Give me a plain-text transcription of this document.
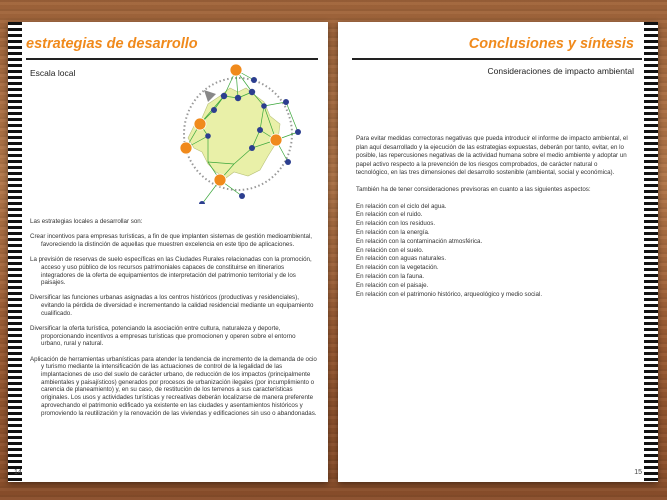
estrategias de desarrollo
Escala local

Las estrategias locales a desarrollar son:

Crear incentivos para empresas turísticas, a fin de que implanten sistemas de gestión medioambiental, favoreciendo la distinción de aquellas que muestren excelencia en este tipo de aplicaciones.

La previsión de reservas de suelo específicas en las Ciudades Rurales relacionadas con la promoción, acceso y uso público de los recursos patrimoniales capaces de constituirse en itinerarios integradores de la oferta de equipamientos de interpretación del patrimonio territorial y de los paisajes.

Diversificar las funciones urbanas asignadas a los centros históricos (productivas y residenciales), evitando la pérdida de diversidad e incrementando la calidad residencial mediante un equipamiento cualificado.

Diversificar la oferta turística, potenciando la asociación entre cultura, naturaleza y deporte, proporcionando incentivos a empresas turísticas que promocionen y operen sobre el entorno urbano, rural y natural.

Aplicación de herramientas urbanísticas para atender la tendencia de incremento de la demanda de ocio y turismo mediante la intensificación de las actuaciones de control de la legalidad de las implantaciones de uso del suelo de carácter urbano, de reducción de los impactos (principalmente ambientales y paisajísticos) generados por procesos de urbanización ilegales (por incumplimiento o carencia de planeamiento) y, en su caso, de restitución de los terrenos a sus características originales. Los usos y actividades turísticas y recreativas deberán localizarse de manera preferente aprovechando el patrimonio edificado ya existente en las ciudades y asentamientos históricos y promoviendo la reutilización y la renovación de las viviendas y edificaciones sin uso o abandonadas.

14
Conclusiones y síntesis
Consideraciones de impacto ambiental

Para evitar medidas correctoras negativas que pueda introducir el informe de impacto ambiental, el plan aquí desarrollado y la ejecución de las estrategias expuestas, deberán por tanto, evitar, en lo posible, las repercusiones negativas de la actividad humana sobre el medio ambiente y adoptar un papel activo respecto a la prevención de los riesgos comprobados, de carácter natural o tecnológico, en las tres dimensiones del desarrollo sostenible (ambiental, social y económica).

También ha de tener consideraciones previsoras en cuanto a las siguientes aspectos:

En relación con el ciclo del agua.
En relación con el ruido.
En relación con los residuos.
En relación con la energía.
En relación con la contaminación atmosférica.
En relación con el suelo.
En relación con aguas naturales.
En relación con la vegetación.
En relación con la fauna.
En relación con el paisaje.
En relación con el patrimonio histórico, arqueológico y medio social.
15
